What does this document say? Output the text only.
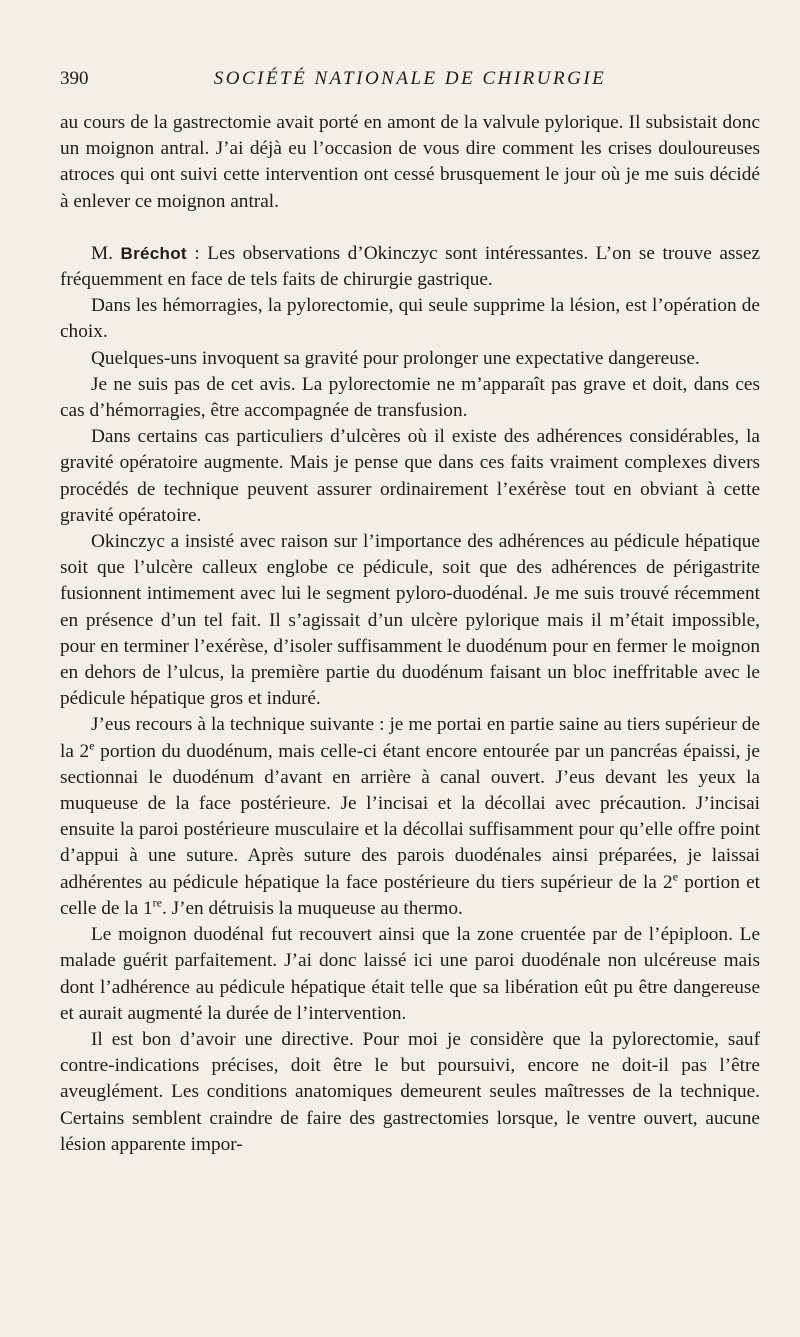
390	SOCIÉTÉ NATIONALE DE CHIRURGIE

au cours de la gastrectomie avait porté en amont de la valvule pylorique. Il subsistait donc un moignon antral. J’ai déjà eu l’occasion de vous dire comment les crises douloureuses atroces qui ont suivi cette intervention ont cessé brusquement le jour où je me suis décidé à enlever ce moignon antral.

M. Bréchot : Les observations d’Okinczyc sont intéressantes. L’on se trouve assez fréquemment en face de tels faits de chirurgie gastrique.

Dans les hémorragies, la pylorectomie, qui seule supprime la lésion, est l’opération de choix.

Quelques-uns invoquent sa gravité pour prolonger une expectative dangereuse.

Je ne suis pas de cet avis. La pylorectomie ne m’apparaît pas grave et doit, dans ces cas d’hémorragies, être accompagnée de transfusion.

Dans certains cas particuliers d’ulcères où il existe des adhérences considérables, la gravité opératoire augmente. Mais je pense que dans ces faits vraiment complexes divers procédés de technique peuvent assurer ordinairement l’exérèse tout en obviant à cette gravité opératoire.

Okinczyc a insisté avec raison sur l’importance des adhérences au pédicule hépatique soit que l’ulcère calleux englobe ce pédicule, soit que des adhérences de périgastrite fusionnent intimement avec lui le segment pyloro-duodénal. Je me suis trouvé récemment en présence d’un tel fait. Il s’agissait d’un ulcère pylorique mais il m’était impossible, pour en terminer l’exérèse, d’isoler suffisamment le duodénum pour en fermer le moignon en dehors de l’ulcus, la première partie du duodénum faisant un bloc ineffritable avec le pédicule hépatique gros et induré.

J’eus recours à la technique suivante : je me portai en partie saine au tiers supérieur de la 2e portion du duodénum, mais celle-ci étant encore entourée par un pancréas épaissi, je sectionnai le duodénum d’avant en arrière à canal ouvert. J’eus devant les yeux la muqueuse de la face postérieure. Je l’incisai et la décollai avec précaution. J’incisai ensuite la paroi postérieure musculaire et la décollai suffisamment pour qu’elle offre point d’appui à une suture. Après suture des parois duodénales ainsi préparées, je laissai adhérentes au pédicule hépatique la face postérieure du tiers supérieur de la 2e portion et celle de la 1re. J’en détruisis la muqueuse au thermo.

Le moignon duodénal fut recouvert ainsi que la zone cruentée par de l’épiploon. Le malade guérit parfaitement. J’ai donc laissé ici une paroi duodénale non ulcéreuse mais dont l’adhérence au pédicule hépatique était telle que sa libération eût pu être dangereuse et aurait augmenté la durée de l’intervention.

Il est bon d’avoir une directive. Pour moi je considère que la pylorectomie, sauf contre-indications précises, doit être le but poursuivi, encore ne doit-il pas l’être aveuglément. Les conditions anatomiques demeurent seules maîtresses de la technique. Certains semblent craindre de faire des gastrectomies lorsque, le ventre ouvert, aucune lésion apparente impor-
